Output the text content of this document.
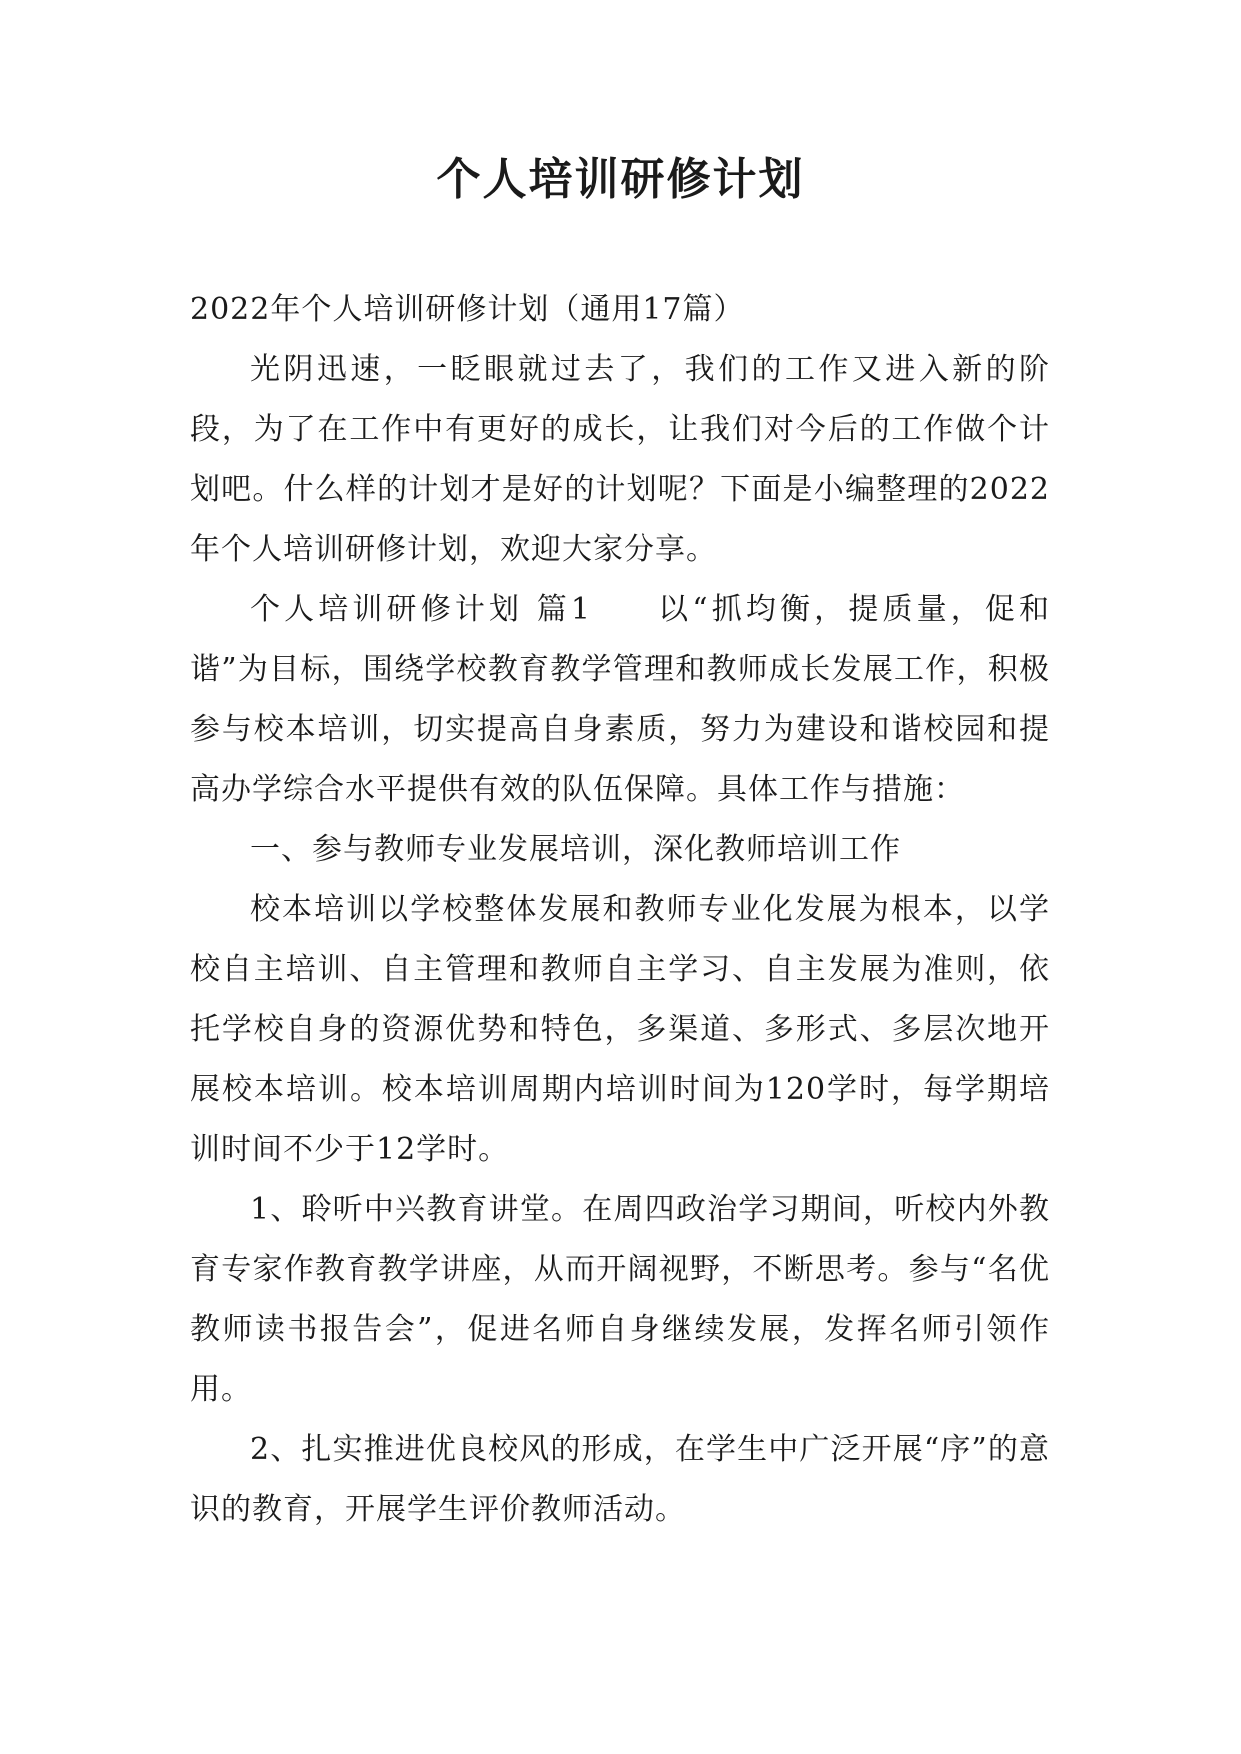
个人培训研修计划

2022年个人培训研修计划（通用17篇）

光阴迅速，一眨眼就过去了，我们的工作又进入新的阶段，为了在工作中有更好的成长，让我们对今后的工作做个计划吧。什么样的计划才是好的计划呢？下面是小编整理的2022年个人培训研修计划，欢迎大家分享。

个人培训研修计划 篇1 以“抓均衡，提质量，促和谐”为目标，围绕学校教育教学管理和教师成长发展工作，积极参与校本培训，切实提高自身素质，努力为建设和谐校园和提高办学综合水平提供有效的队伍保障。具体工作与措施：

一、参与教师专业发展培训，深化教师培训工作

校本培训以学校整体发展和教师专业化发展为根本，以学校自主培训、自主管理和教师自主学习、自主发展为准则，依托学校自身的资源优势和特色，多渠道、多形式、多层次地开展校本培训。校本培训周期内培训时间为120学时，每学期培训时间不少于12学时。

1、聆听中兴教育讲堂。在周四政治学习期间，听校内外教育专家作教育教学讲座，从而开阔视野，不断思考。参与“名优教师读书报告会”，促进名师自身继续发展，发挥名师引领作用。

2、扎实推进优良校风的形成，在学生中广泛开展“序”的意识的教育，开展学生评价教师活动。
